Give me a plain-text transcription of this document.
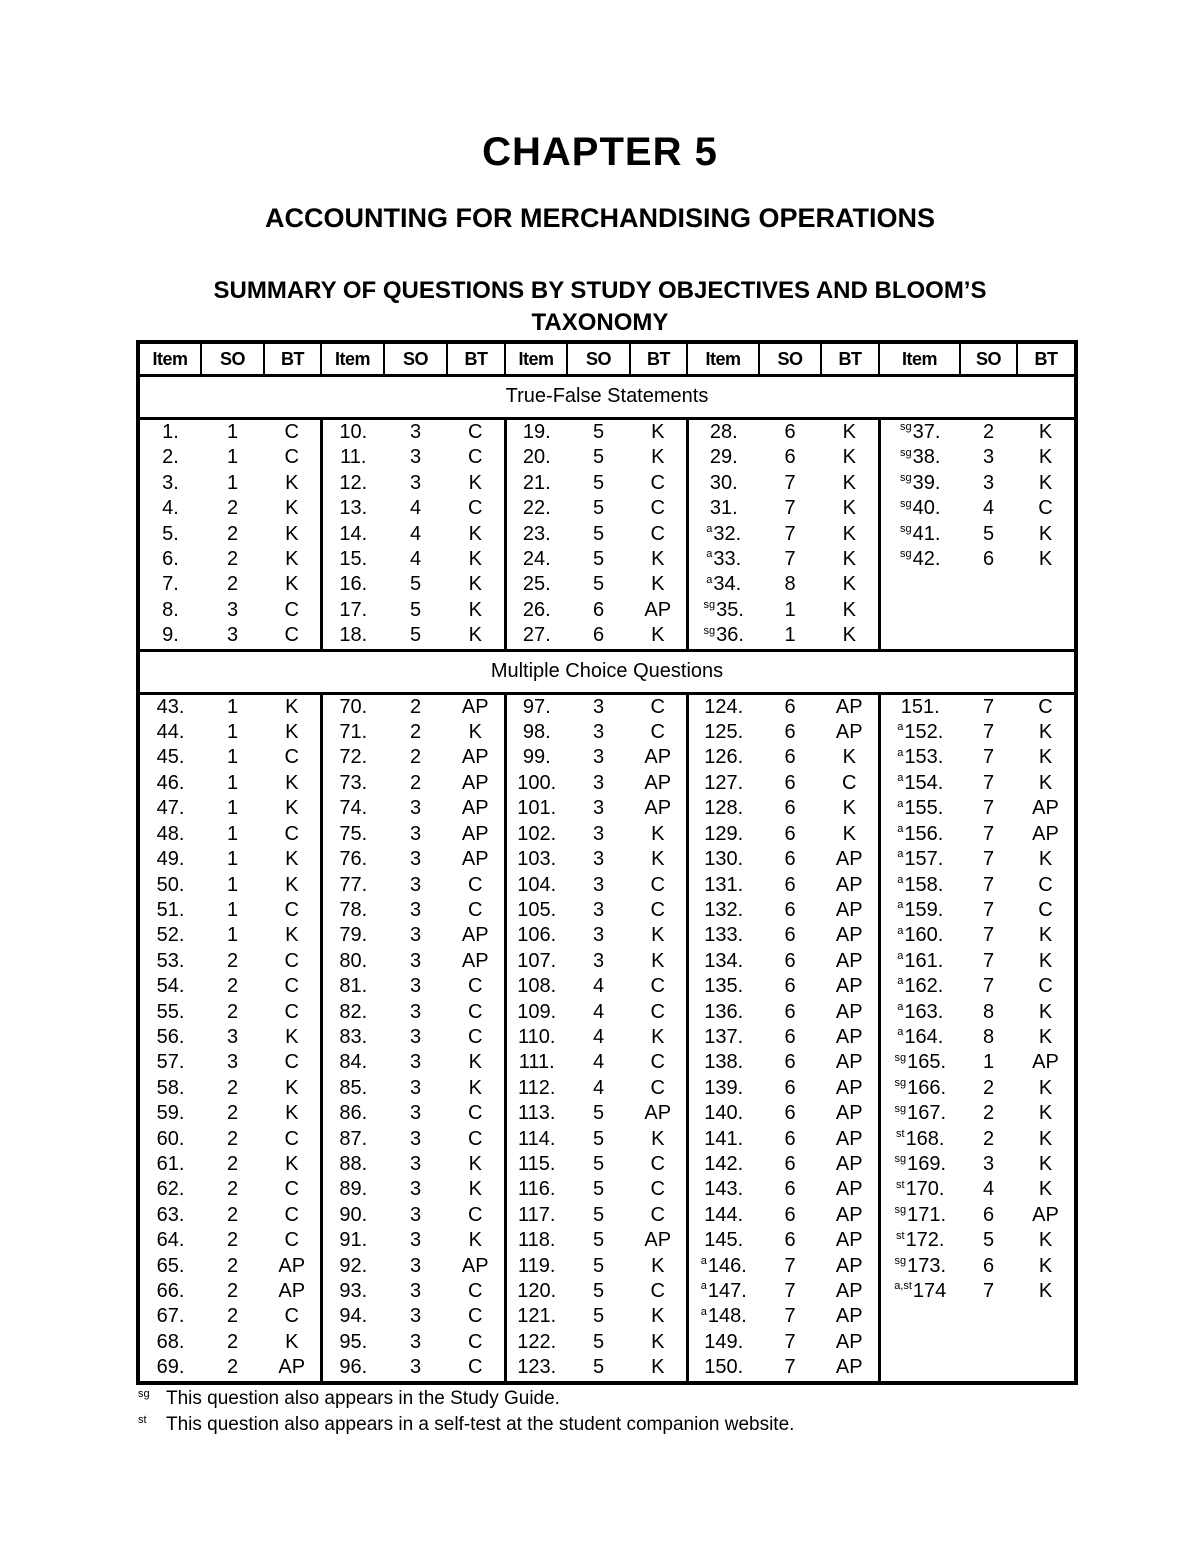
CHAPTER 5
ACCOUNTING FOR MERCHANDISING OPERATIONS
SUMMARY OF QUESTIONS BY STUDY OBJECTIVES AND BLOOM’S TAXONOMY
Item	SO	BT	Item	SO	BT	Item	SO	BT	Item	SO	BT	Item	SO	BT
True-False Statements														
1.	1	C	10.	3	C	19.	5	K	28.	6	K	$^{sg}$37.	2	K
2.	1	C	11.	3	C	20.	5	K	29.	6	K	$^{sg}$38.	3	K
3.	1	K	12.	3	K	21.	5	C	30.	7	K	$^{sg}$39.	3	K
4.	2	K	13.	4	C	22.	5	C	31.	7	K	$^{sg}$40.	4	C
5.	2	K	14.	4	K	23.	5	C	$^a$32.	7	K	$^{sg}$41.	5	K
6.	2	K	15.	4	K	24.	5	K	$^a$33.	7	K	$^{sg}$42.	6	K
7.	2	K	16.	5	K	25.	5	K	$^a$34.	8	K			
8.	3	C	17.	5	K	26.	6	AP	$^{sg}$35.	1	K			
9.	3	C	18.	5	K	27.	6	K	$^{sg}$36.	1	K			
Multiple Choice Questions														
43.	1	K	70.	2	AP	97.	3	C	124.	6	AP	151.	7	C
44.	1	K	71.	2	K	98.	3	C	125.	6	AP	$^a$152.	7	K
45.	1	C	72.	2	AP	99.	3	AP	126.	6	K	$^a$153.	7	K
46.	1	K	73.	2	AP	100.	3	AP	127.	6	C	$^a$154.	7	K
47.	1	K	74.	3	AP	101.	3	AP	128.	6	K	$^a$155.	7	AP
48.	1	C	75.	3	AP	102.	3	K	129.	6	K	$^a$156.	7	AP
49.	1	K	76.	3	AP	103.	3	K	130.	6	AP	$^a$157.	7	K
50.	1	K	77.	3	C	104.	3	C	131.	6	AP	$^a$158.	7	C
51.	1	C	78.	3	C	105.	3	C	132.	6	AP	$^a$159.	7	C
52.	1	K	79.	3	AP	106.	3	K	133.	6	AP	$^a$160.	7	K
53.	2	C	80.	3	AP	107.	3	K	134.	6	AP	$^a$161.	7	K
54.	2	C	81.	3	C	108.	4	C	135.	6	AP	$^a$162.	7	C
55.	2	C	82.	3	C	109.	4	C	136.	6	AP	$^a$163.	8	K
56.	3	K	83.	3	C	110.	4	K	137.	6	AP	$^a$164.	8	K
57.	3	C	84.	3	K	111.	4	C	138.	6	AP	$^{sg}$165.	1	AP
58.	2	K	85.	3	K	112.	4	C	139.	6	AP	$^{sg}$166.	2	K
59.	2	K	86.	3	C	113.	5	AP	140.	6	AP	$^{sg}$167.	2	K
60.	2	C	87.	3	C	114.	5	K	141.	6	AP	$^{st}$168.	2	K
61.	2	K	88.	3	K	115.	5	C	142.	6	AP	$^{sg}$169.	3	K
62.	2	C	89.	3	K	116.	5	C	143.	6	AP	$^{st}$170.	4	K
63.	2	C	90.	3	C	117.	5	C	144.	6	AP	$^{sg}$171.	6	AP
64.	2	C	91.	3	K	118.	5	AP	145.	6	AP	$^{st}$172.	5	K
65.	2	AP	92.	3	AP	119.	5	K	$^a$146.	7	AP	$^{sg}$173.	6	K
66.	2	AP	93.	3	C	120.	5	C	$^a$147.	7	AP	$^{a,st}$174	7	K
67.	2	C	94.	3	C	121.	5	K	$^a$148.	7	AP			
68.	2	K	95.	3	C	122.	5	K	149.	7	AP			
69.	2	AP	96.	3	C	123.	5	K	150.	7	AP			
sg This question also appears in the Study Guide.
st This question also appears in a self-test at the student companion website.
